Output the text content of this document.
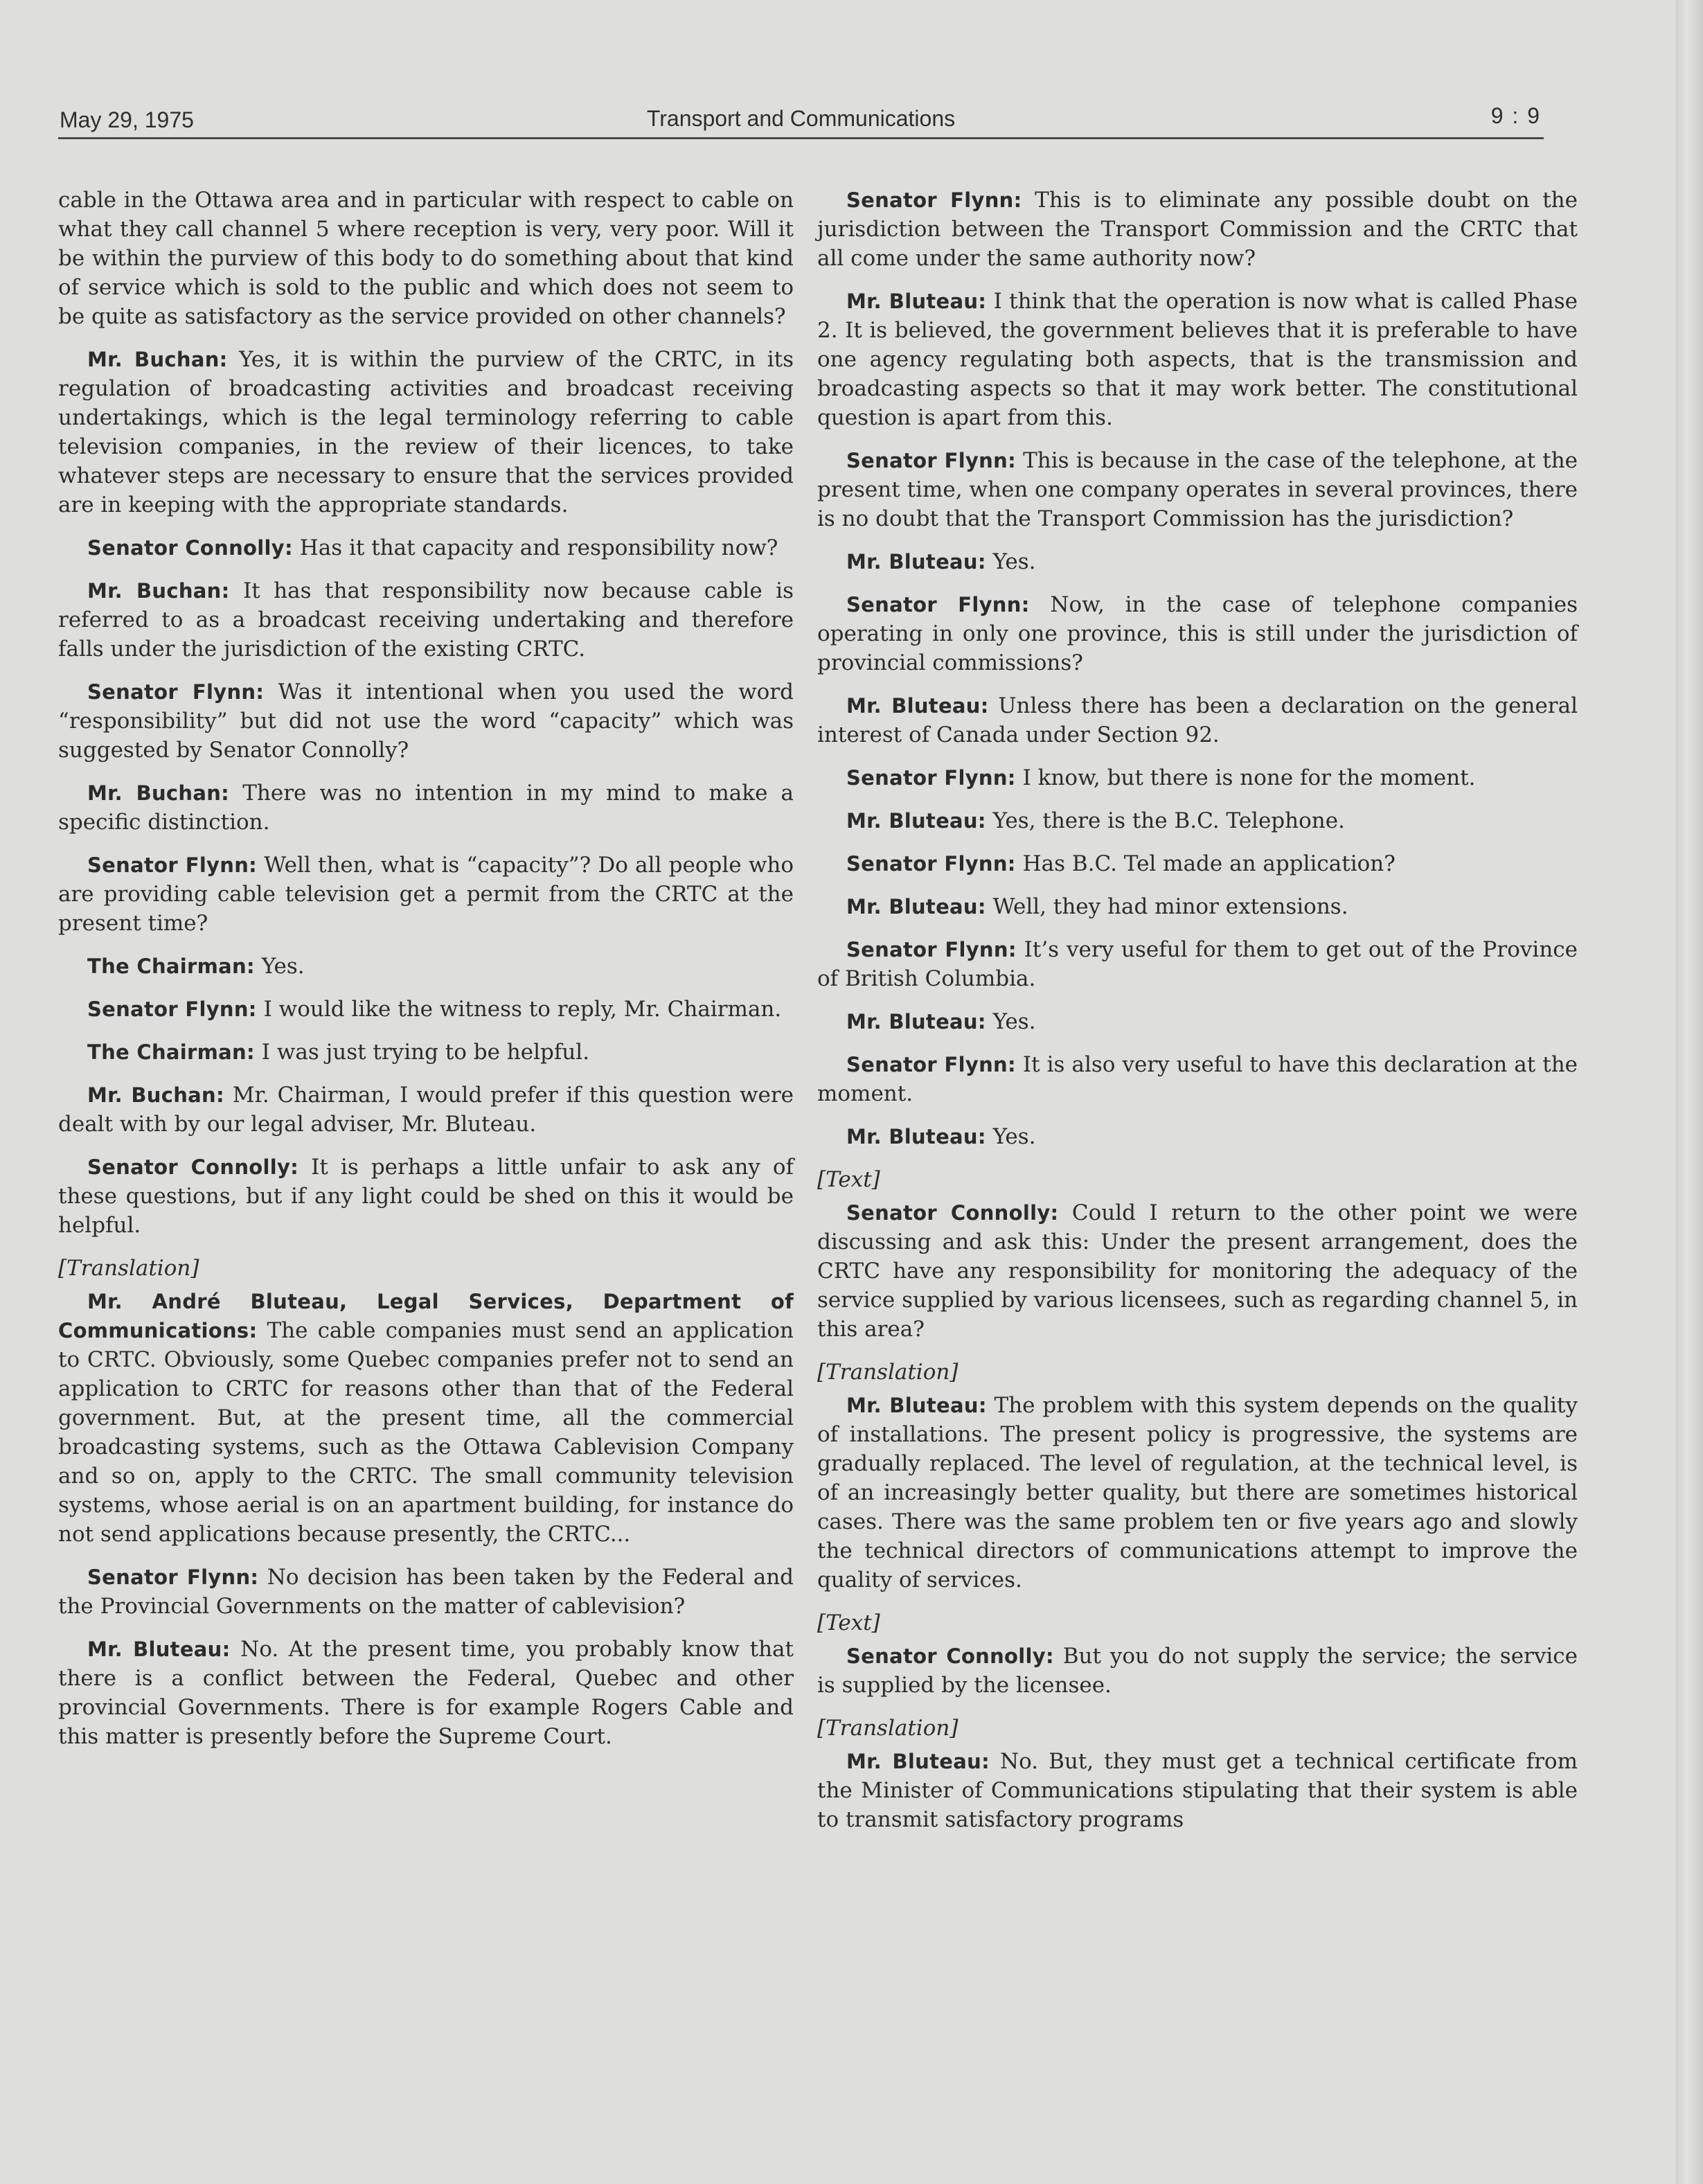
May 29, 1975	Transport and Communications	9 : 9

cable in the Ottawa area and in particular with respect to cable on what they call channel 5 where reception is very, very poor. Will it be within the purview of this body to do something about that kind of service which is sold to the public and which does not seem to be quite as satisfactory as the service provided on other channels?

Mr. Buchan: Yes, it is within the purview of the CRTC, in its regulation of broadcasting activities and broadcast receiving undertakings, which is the legal terminology referring to cable television companies, in the review of their licences, to take whatever steps are necessary to ensure that the services provided are in keeping with the appropriate standards.

Senator Connolly: Has it that capacity and responsibility now?

Mr. Buchan: It has that responsibility now because cable is referred to as a broadcast receiving undertaking and therefore falls under the jurisdiction of the existing CRTC.

Senator Flynn: Was it intentional when you used the word “responsibility” but did not use the word “capacity” which was suggested by Senator Connolly?

Mr. Buchan: There was no intention in my mind to make a specific distinction.

Senator Flynn: Well then, what is “capacity”? Do all people who are providing cable television get a permit from the CRTC at the present time?

The Chairman: Yes.

Senator Flynn: I would like the witness to reply, Mr. Chairman.

The Chairman: I was just trying to be helpful.

Mr. Buchan: Mr. Chairman, I would prefer if this question were dealt with by our legal adviser, Mr. Bluteau.

Senator Connolly: It is perhaps a little unfair to ask any of these questions, but if any light could be shed on this it would be helpful.

[Translation]

Mr. André Bluteau, Legal Services, Department of Communications: The cable companies must send an application to CRTC. Obviously, some Quebec companies prefer not to send an application to CRTC for reasons other than that of the Federal government. But, at the present time, all the commercial broadcasting systems, such as the Ottawa Cablevision Company and so on, apply to the CRTC. The small community television systems, whose aerial is on an apartment building, for instance do not send applications because presently, the CRTC...

Senator Flynn: No decision has been taken by the Federal and the Provincial Governments on the matter of cablevision?

Mr. Bluteau: No. At the present time, you probably know that there is a conflict between the Federal, Quebec and other provincial Governments. There is for example Rogers Cable and this matter is presently before the Supreme Court.

Senator Flynn: This is to eliminate any possible doubt on the jurisdiction between the Transport Commission and the CRTC that all come under the same authority now?

Mr. Bluteau: I think that the operation is now what is called Phase 2. It is believed, the government believes that it is preferable to have one agency regulating both aspects, that is the transmission and broadcasting aspects so that it may work better. The constitutional question is apart from this.

Senator Flynn: This is because in the case of the telephone, at the present time, when one company operates in several provinces, there is no doubt that the Transport Commission has the jurisdiction?

Mr. Bluteau: Yes.

Senator Flynn: Now, in the case of telephone companies operating in only one province, this is still under the jurisdiction of provincial commissions?

Mr. Bluteau: Unless there has been a declaration on the general interest of Canada under Section 92.

Senator Flynn: I know, but there is none for the moment.

Mr. Bluteau: Yes, there is the B.C. Telephone.

Senator Flynn: Has B.C. Tel made an application?

Mr. Bluteau: Well, they had minor extensions.

Senator Flynn: It’s very useful for them to get out of the Province of British Columbia.

Mr. Bluteau: Yes.

Senator Flynn: It is also very useful to have this declaration at the moment.

Mr. Bluteau: Yes.

[Text]

Senator Connolly: Could I return to the other point we were discussing and ask this: Under the present arrangement, does the CRTC have any responsibility for monitoring the adequacy of the service supplied by various licensees, such as regarding channel 5, in this area?

[Translation]

Mr. Bluteau: The problem with this system depends on the quality of installations. The present policy is progressive, the systems are gradually replaced. The level of regulation, at the technical level, is of an increasingly better quality, but there are sometimes historical cases. There was the same problem ten or five years ago and slowly the technical directors of communications attempt to improve the quality of services.

[Text]

Senator Connolly: But you do not supply the service; the service is supplied by the licensee.

[Translation]

Mr. Bluteau: No. But, they must get a technical certificate from the Minister of Communications stipulating that their system is able to transmit satisfactory programs
